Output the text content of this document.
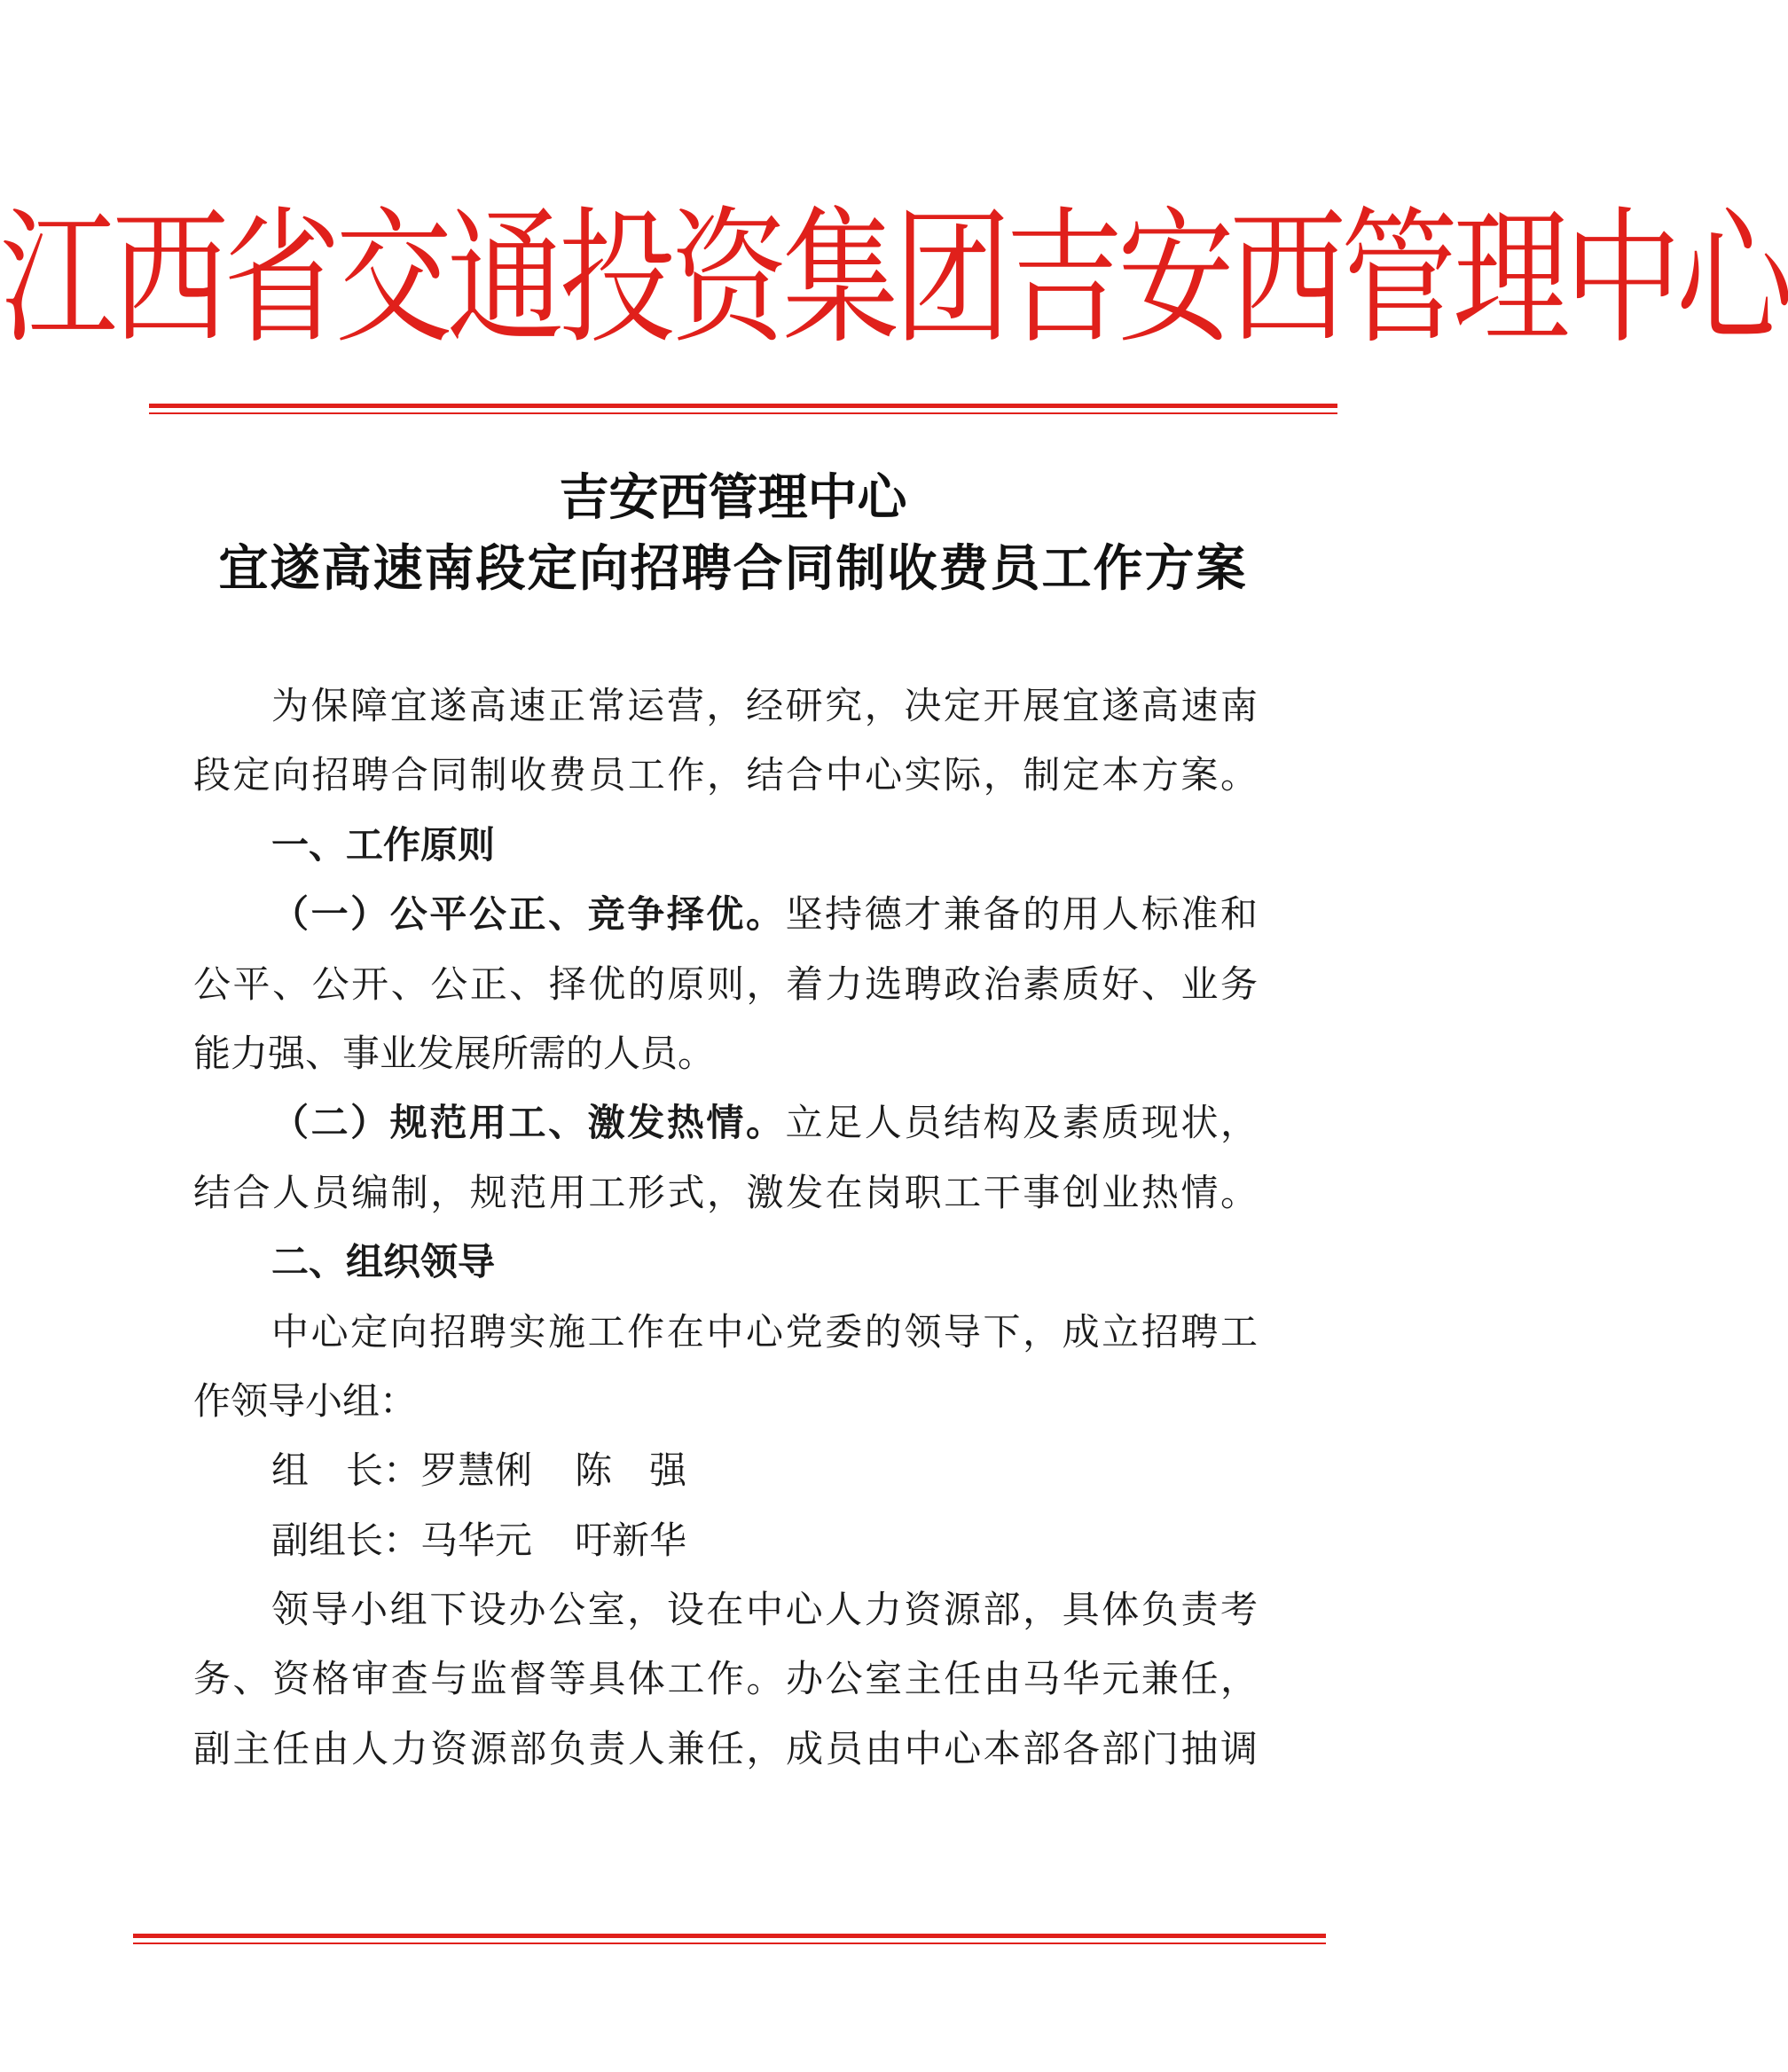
江西省交通投资集团吉安西管理中心
吉安西管理中心
宜遂高速南段定向招聘合同制收费员工作方案
为保障宜遂高速正常运营，经研究，决定开展宜遂高速南
段定向招聘合同制收费员工作，结合中心实际，制定本方案。
一、工作原则
（一）公平公正、竞争择优。坚持德才兼备的用人标准和
公平、公开、公正、择优的原则，着力选聘政治素质好、业务
能力强、事业发展所需的人员。
（二）规范用工、激发热情。立足人员结构及素质现状，
结合人员编制，规范用工形式，激发在岗职工干事创业热情。
二、组织领导
中心定向招聘实施工作在中心党委的领导下，成立招聘工
作领导小组：
组 长：罗慧俐 陈 强
副组长：马华元 吁新华
领导小组下设办公室，设在中心人力资源部，具体负责考
务、资格审查与监督等具体工作。办公室主任由马华元兼任，
副主任由人力资源部负责人兼任，成员由中心本部各部门抽调
